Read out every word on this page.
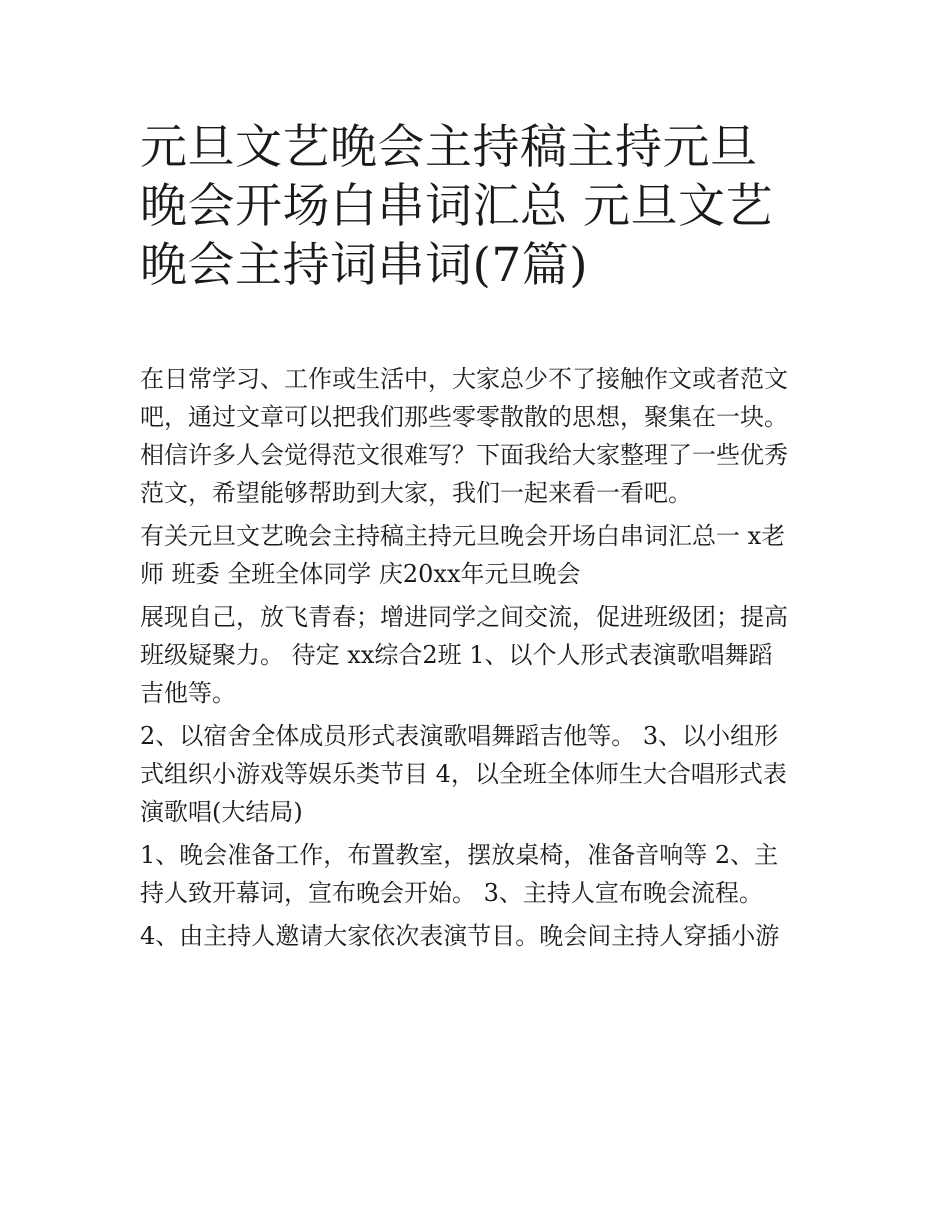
元旦文艺晚会主持稿主持元旦
晚会开场白串词汇总 元旦文艺
晚会主持词串词(7篇)

在日常学习、工作或生活中，大家总少不了接触作文或者范文
吧，通过文章可以把我们那些零零散散的思想，聚集在一块。
相信许多人会觉得范文很难写？下面我给大家整理了一些优秀
范文，希望能够帮助到大家，我们一起来看一看吧。

有关元旦文艺晚会主持稿主持元旦晚会开场白串词汇总一 x老
师 班委 全班全体同学 庆20xx年元旦晚会

展现自己，放飞青春；增进同学之间交流，促进班级团；提高
班级疑聚力。 待定 xx综合2班 1、以个人形式表演歌唱舞蹈
吉他等。

2、以宿舍全体成员形式表演歌唱舞蹈吉他等。 3、以小组形
式组织小游戏等娱乐类节目 4，以全班全体师生大合唱形式表
演歌唱(大结局)

1、晚会准备工作，布置教室，摆放桌椅，准备音响等 2、主
持人致开幕词，宣布晚会开始。 3、主持人宣布晚会流程。

4、由主持人邀请大家依次表演节目。晚会间主持人穿插小游
